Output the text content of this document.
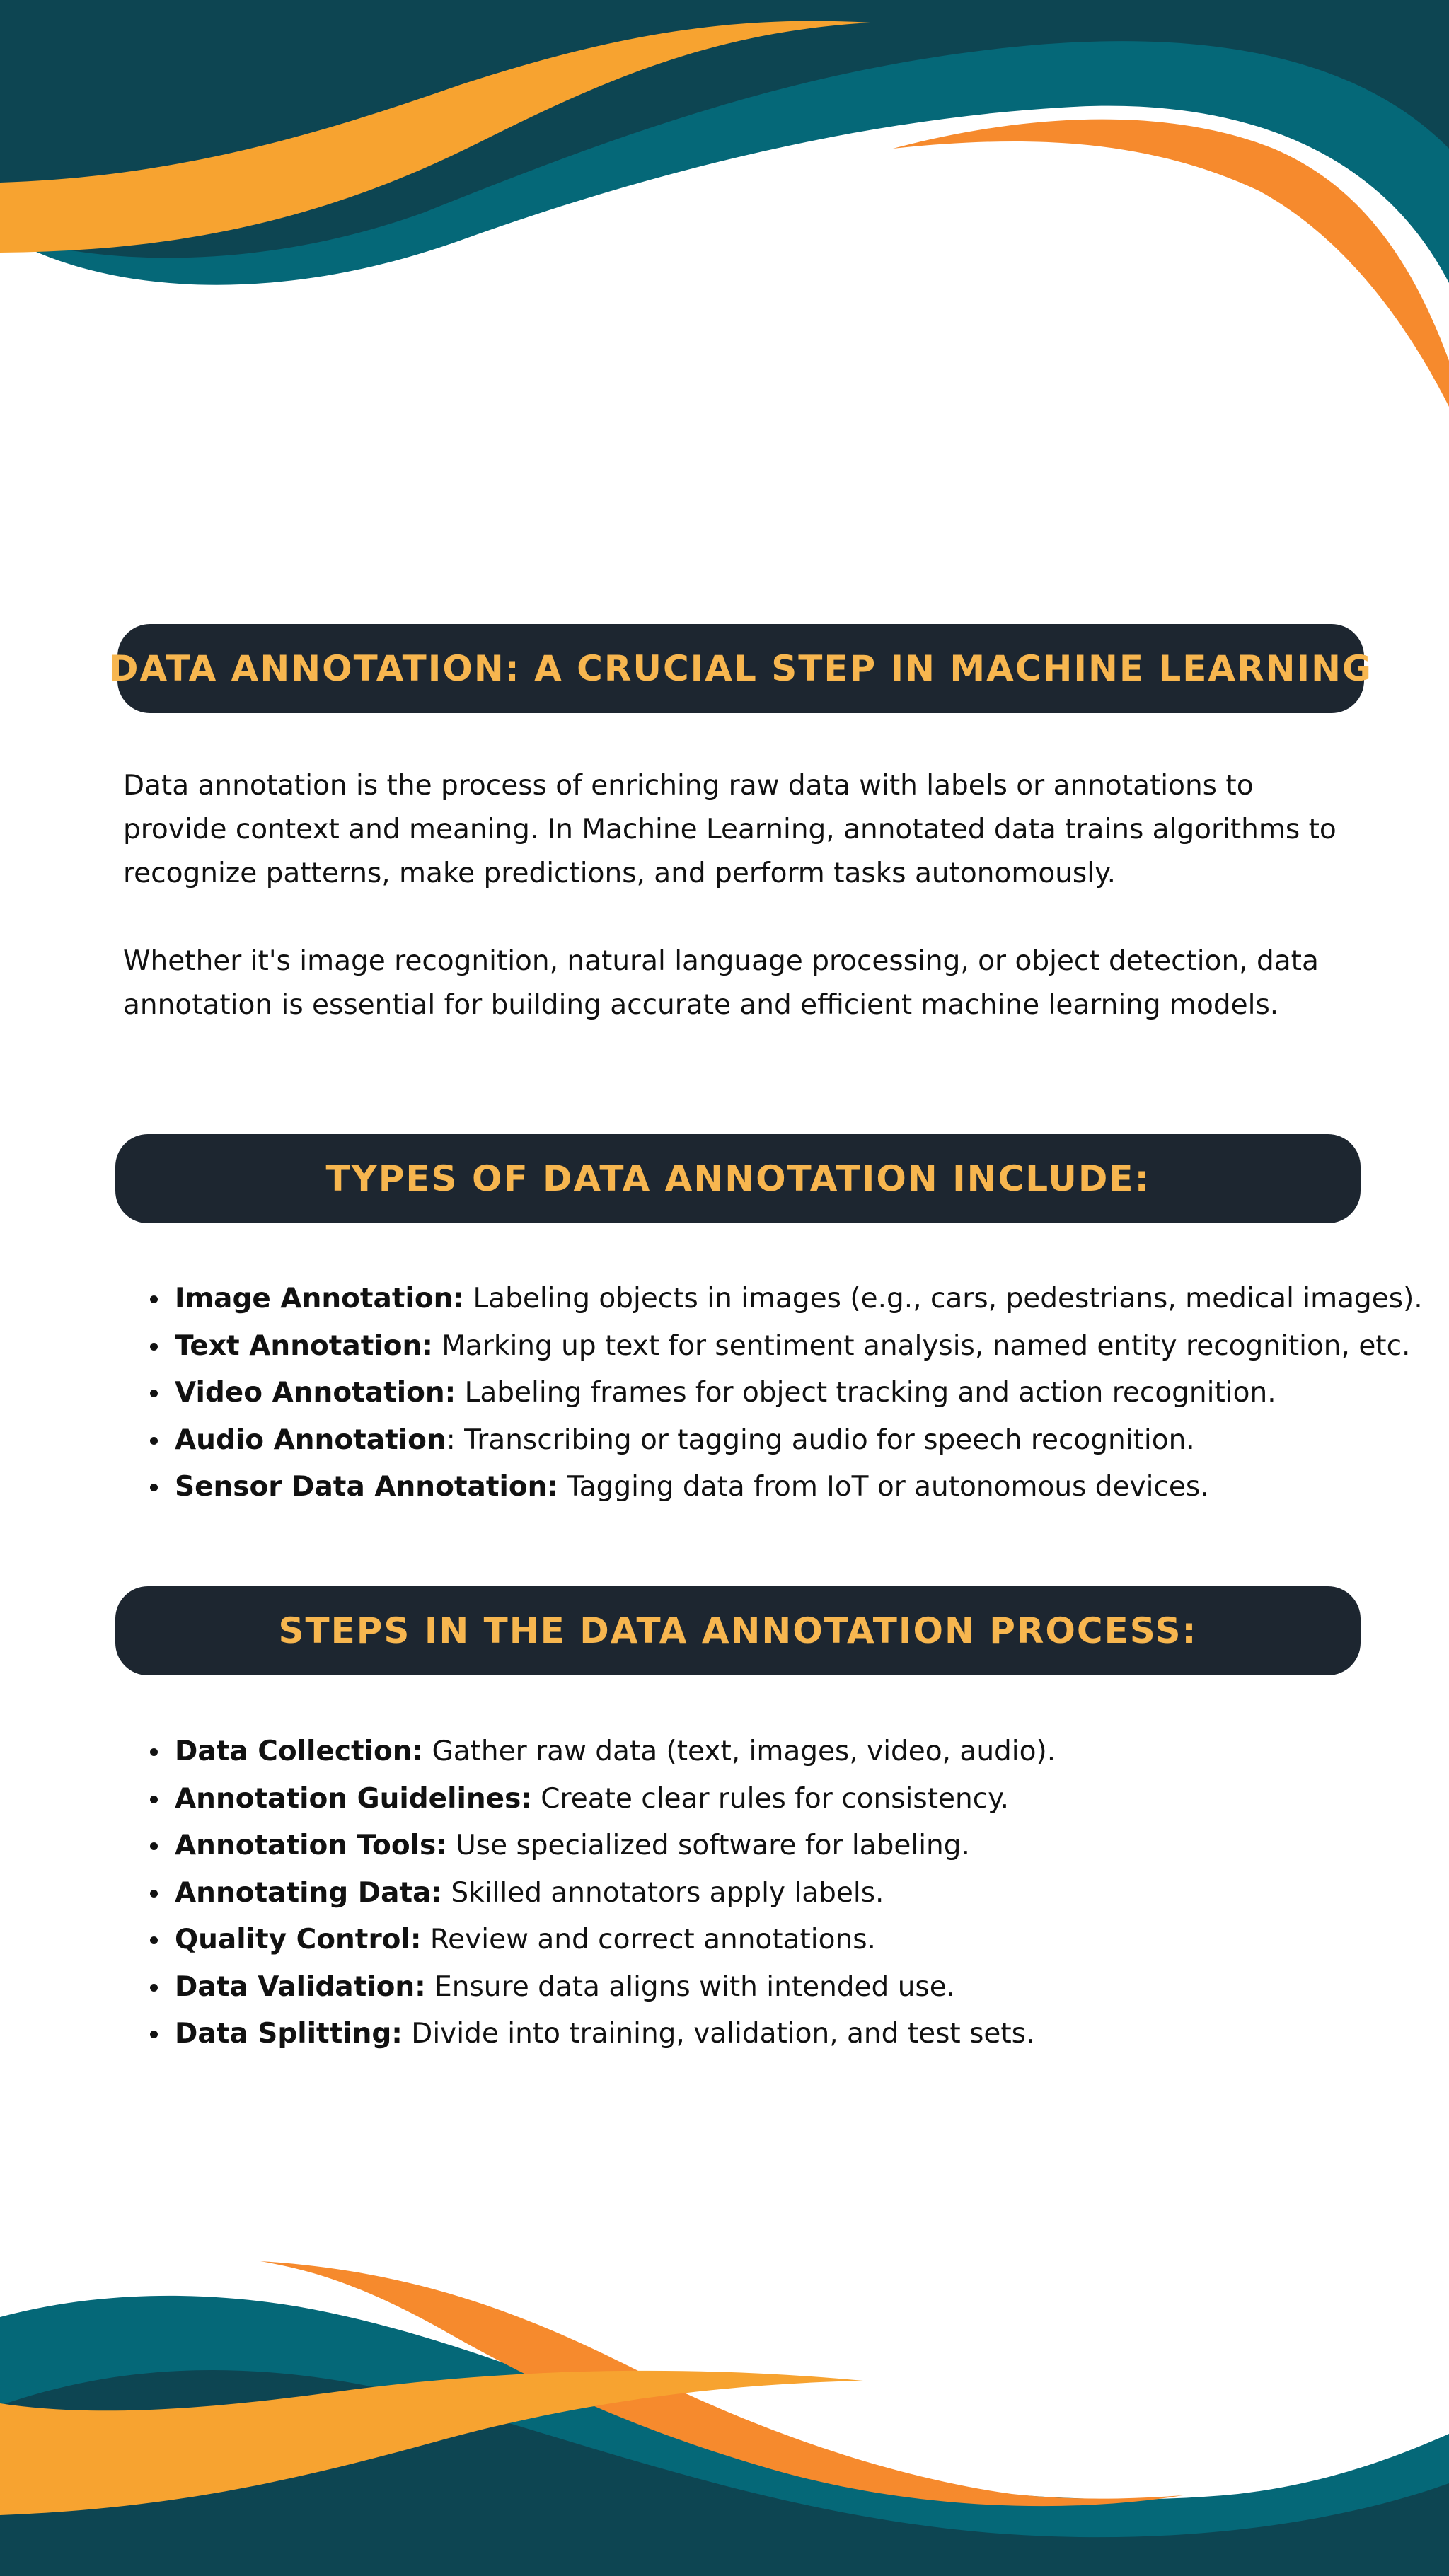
DATA ANNOTATION: A CRUCIAL STEP IN MACHINE LEARNING

Data annotation is the process of enriching raw data with labels or annotations to provide context and meaning. In Machine Learning, annotated data trains algorithms to recognize patterns, make predictions, and perform tasks autonomously.

Whether it's image recognition, natural language processing, or object detection, data annotation is essential for building accurate and efficient machine learning models.

TYPES OF DATA ANNOTATION INCLUDE:
Image Annotation: Labeling objects in images (e.g., cars, pedestrians, medical images).
Text Annotation: Marking up text for sentiment analysis, named entity recognition, etc.
Video Annotation: Labeling frames for object tracking and action recognition.
Audio Annotation: Transcribing or tagging audio for speech recognition.
Sensor Data Annotation: Tagging data from IoT or autonomous devices.
STEPS IN THE DATA ANNOTATION PROCESS:
Data Collection: Gather raw data (text, images, video, audio).
Annotation Guidelines: Create clear rules for consistency.
Annotation Tools: Use specialized software for labeling.
Annotating Data: Skilled annotators apply labels.
Quality Control: Review and correct annotations.
Data Validation: Ensure data aligns with intended use.
Data Splitting: Divide into training, validation, and test sets.
